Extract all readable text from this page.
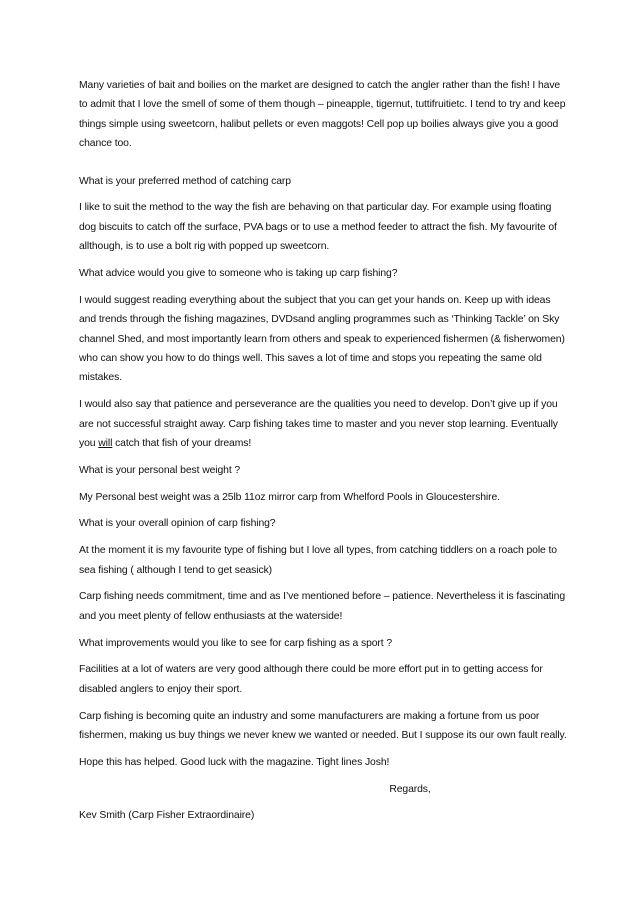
Many varieties of bait and boilies on the market are designed to catch the angler rather than the fish! I have to admit that I love the smell of some of them though – pineapple, tigernut, tuttifruitietc. I tend to try and keep things simple using sweetcorn, halibut pellets or even maggots! Cell pop up boilies always give you a good chance too.

What is your preferred method of catching carp

I like to suit the method to the way the fish are behaving on that particular day. For example using floating dog biscuits to catch off the surface, PVA bags or to use a method feeder to attract the fish. My favourite of allthough, is to use a bolt rig with popped up sweetcorn.

What advice would you give to someone who is taking up carp fishing?

I would suggest reading everything about the subject that you can get your hands on. Keep up with ideas and trends through the fishing magazines, DVDsand angling programmes such as ‘Thinking Tackle’ on Sky channel Shed, and most importantly learn from others and speak to experienced fishermen (& fisherwomen) who can show you how to do things well. This saves a lot of time and stops you repeating the same old mistakes.

I would also say that patience and perseverance are the qualities you need to develop. Don’t give up if you are not successful straight away. Carp fishing takes time to master and you never stop learning. Eventually you will catch that fish of your dreams!

What is your personal best weight ?

My Personal best weight was a 25lb 11oz mirror carp from Whelford Pools in Gloucestershire.

What is your overall opinion of carp fishing?

At the moment it is my favourite type of fishing but I love all types, from catching tiddlers on a roach pole to sea fishing ( although I tend to get seasick)

Carp fishing needs commitment, time and as I’ve mentioned before – patience. Nevertheless it is fascinating and you meet plenty of fellow enthusiasts at the waterside!

What improvements would you like to see for carp fishing as a sport ?

Facilities at a lot of waters are very good although there could be more effort put in to getting access for disabled anglers to enjoy their sport.

Carp fishing is becoming quite an industry and some manufacturers are making a fortune from us poor fishermen, making us buy things we never knew we wanted or needed. But I suppose its our own fault really.

Hope this has helped. Good luck with the magazine. Tight lines Josh!

Regards,

Kev Smith (Carp Fisher Extraordinaire)
